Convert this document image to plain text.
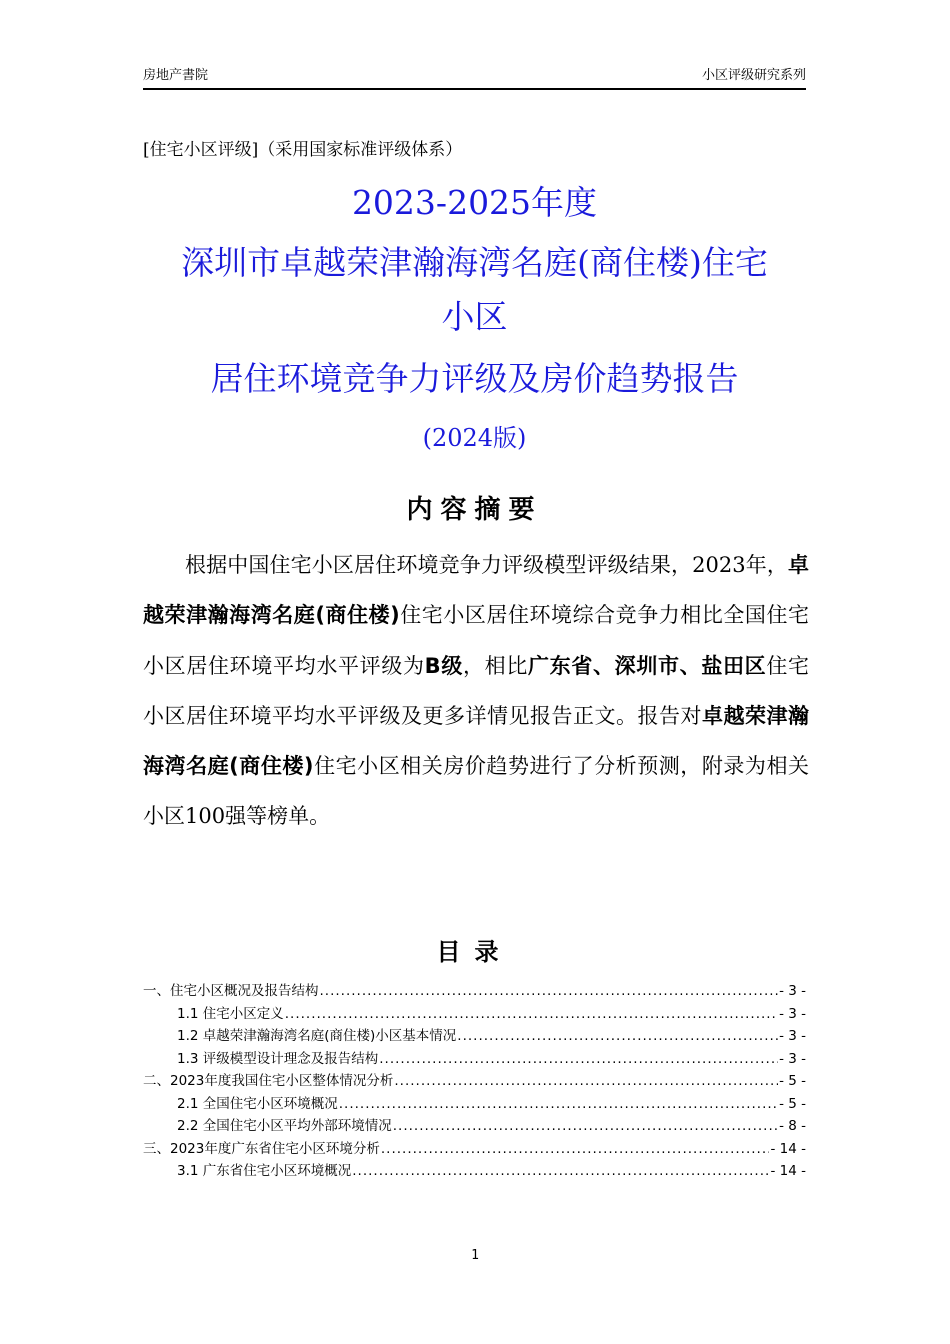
房地产書院	小区评级研究系列
[住宅小区评级]（采用国家标准评级体系）
2023-2025年度
深圳市卓越荣津瀚海湾名庭(商住楼)住宅
小区
居住环境竞争力评级及房价趋势报告
(2024版)
内容摘要

根据中国住宅小区居住环境竞争力评级模型评级结果，2023年，卓越荣津瀚海湾名庭(商住楼)住宅小区居住环境综合竞争力相比全国住宅小区居住环境平均水平评级为B级，相比广东省、深圳市、盐田区住宅小区居住环境平均水平评级及更多详情见报告正文。报告对卓越荣津瀚海湾名庭(商住楼)住宅小区相关房价趋势进行了分析预测，附录为相关小区100强等榜单。

目录
一、住宅小区概况及报告结构 .....	- 3 -
1.1 住宅小区定义 .....	- 3 -
1.2 卓越荣津瀚海湾名庭(商住楼)小区基本情况 .....	- 3 -
1.3 评级模型设计理念及报告结构 .....	- 3 -
二、2023年度我国住宅小区整体情况分析 .....	- 5 -
2.1 全国住宅小区环境概况 .....	- 5 -
2.2 全国住宅小区平均外部环境情况 .....	- 8 -
三、2023年度广东省住宅小区环境分析 .....	- 14 -
3.1 广东省住宅小区环境概况 .....	- 14 -
1
